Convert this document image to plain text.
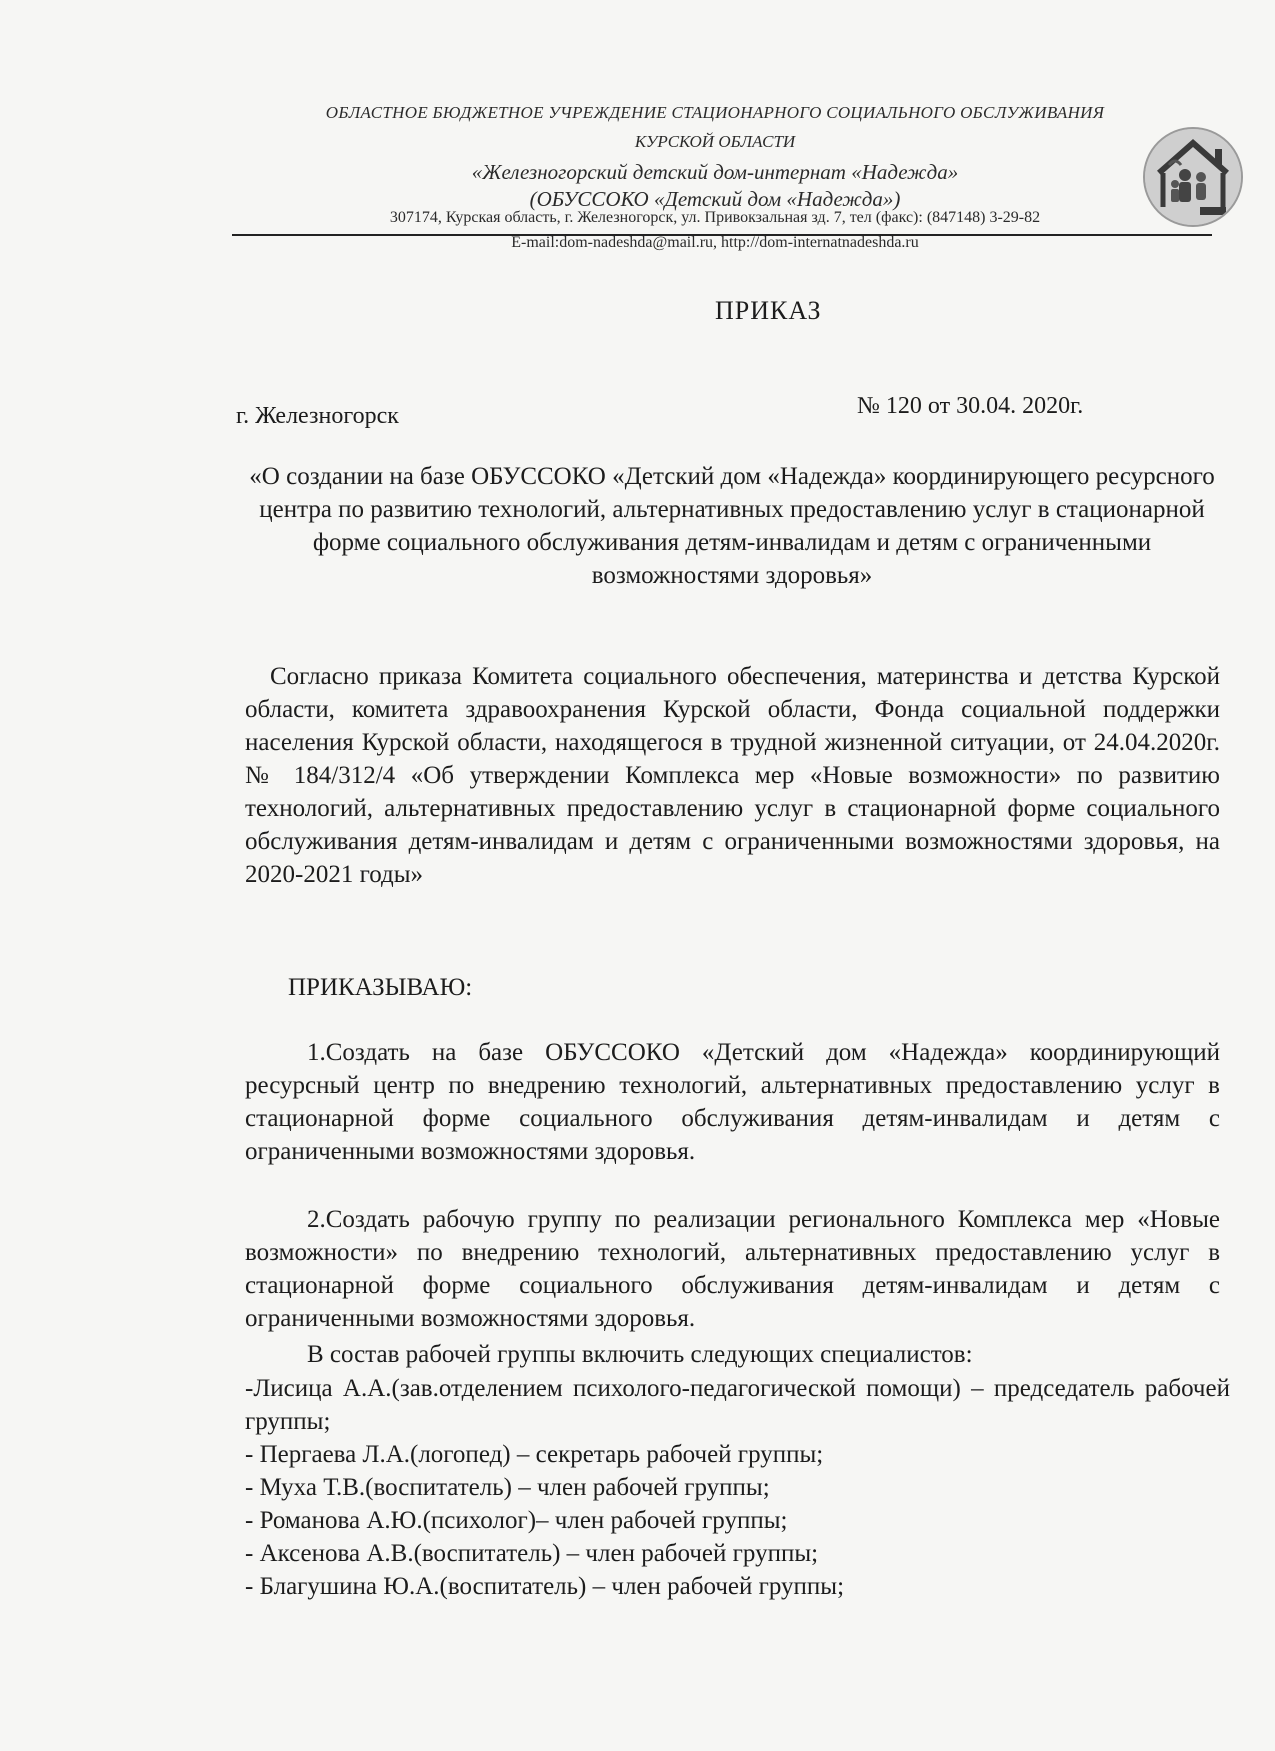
ОБЛАСТНОЕ БЮДЖЕТНОЕ УЧРЕЖДЕНИЕ СТАЦИОНАРНОГО СОЦИАЛЬНОГО ОБСЛУЖИВАНИЯ
КУРСКОЙ ОБЛАСТИ
«Железногорский детский дом-интернат «Надежда»
(ОБУССОКО «Детский дом «Надежда»)
307174, Курская область, г. Железногорск, ул. Привокзальная зд. 7, тел (факс): (847148) 3-29-82
E-mail:dom-nadeshda@mail.ru, http://dom-internatnadeshda.ru
ПРИКАЗ
г. Железногорск	№ 120 от 30.04. 2020г.
«О создании на базе ОБУССОКО «Детский дом «Надежда» координирующего ресурсного центра по развитию технологий, альтернативных предоставлению услуг в стационарной форме социального обслуживания детям-инвалидам и детям с ограниченными возможностями здоровья»
Согласно приказа Комитета социального обеспечения, материнства и детства Курской области, комитета здравоохранения Курской области, Фонда социальной поддержки населения Курской области, находящегося в трудной жизненной ситуации, от 24.04.2020г. № 184/312/4 «Об утверждении Комплекса мер «Новые возможности» по развитию технологий, альтернативных предоставлению услуг в стационарной форме социального обслуживания детям-инвалидам и детям с ограниченными возможностями здоровья, на 2020-2021 годы»
ПРИКАЗЫВАЮ:
1.Создать на базе ОБУССОКО «Детский дом «Надежда» координирующий ресурсный центр по внедрению технологий, альтернативных предоставлению услуг в стационарной форме социального обслуживания детям-инвалидам и детям с ограниченными возможностями здоровья.
2.Создать рабочую группу по реализации регионального Комплекса мер «Новые возможности» по внедрению технологий, альтернативных предоставлению услуг в стационарной форме социального обслуживания детям-инвалидам и детям с ограниченными возможностями здоровья.
В состав рабочей группы включить следующих специалистов:
-Лисица А.А.(зав.отделением психолого-педагогической помощи) – председатель рабочей группы;
- Пергаева Л.А.(логопед) – секретарь рабочей группы;
- Муха Т.В.(воспитатель) – член рабочей группы;
- Романова А.Ю.(психолог)– член рабочей группы;
- Аксенова А.В.(воспитатель) – член рабочей группы;
- Благушина Ю.А.(воспитатель) – член рабочей группы;
